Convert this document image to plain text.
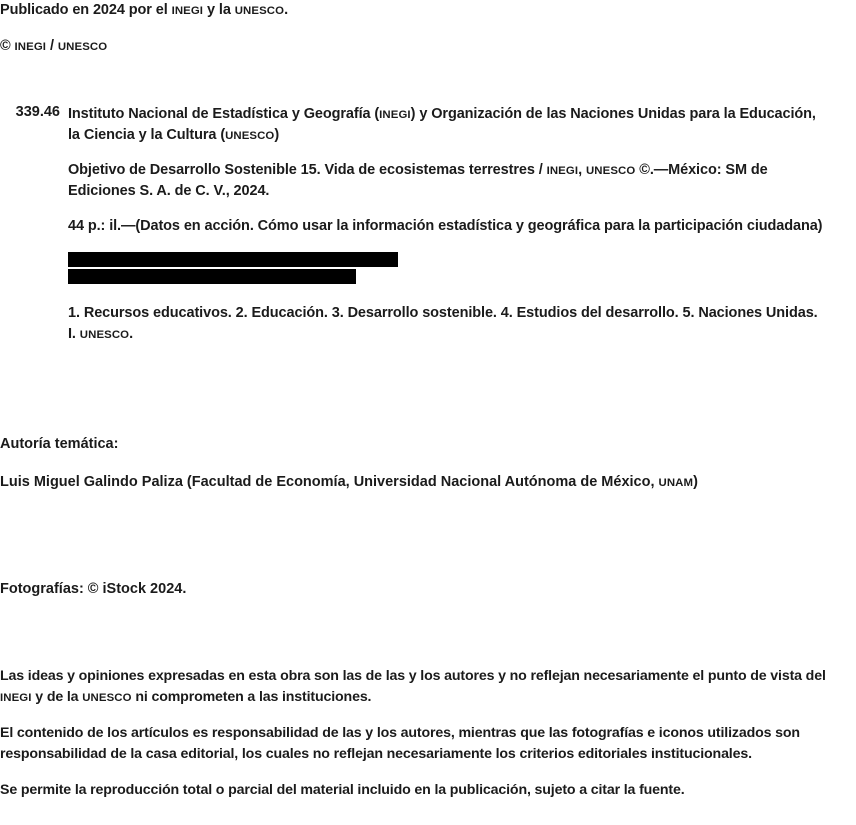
Publicado en 2024 por el INEGI y la UNESCO.
© INEGI / UNESCO
339.46 Instituto Nacional de Estadística y Geografía (INEGI) y Organización de las Naciones Unidas para la Educación, la Ciencia y la Cultura (UNESCO)
Objetivo de Desarrollo Sostenible 15. Vida de ecosistemas terrestres / INEGI, UNESCO ©.—México: SM de Ediciones S. A. de C. V., 2024.
44 p.: il.—(Datos en acción. Cómo usar la información estadística y geográfica para la participación ciudadana)
ISBN de la colección: 978-607-530-095-3
ISBN de volumen: 978-607-530-110-5
1. Recursos educativos. 2. Educación. 3. Desarrollo sostenible. 4. Estudios del desarrollo. 5. Naciones Unidas. I. UNESCO.
Autoría temática:
Luis Miguel Galindo Paliza (Facultad de Economía, Universidad Nacional Autónoma de México, UNAM)
Fotografías: © iStock 2024.
Las ideas y opiniones expresadas en esta obra son las de las y los autores y no reflejan necesariamente el punto de vista del INEGI y de la UNESCO ni comprometen a las instituciones.
El contenido de los artículos es responsabilidad de las y los autores, mientras que las fotografías e iconos utilizados son responsabilidad de la casa editorial, los cuales no reflejan necesariamente los criterios editoriales institucionales.
Se permite la reproducción total o parcial del material incluido en la publicación, sujeto a citar la fuente.
